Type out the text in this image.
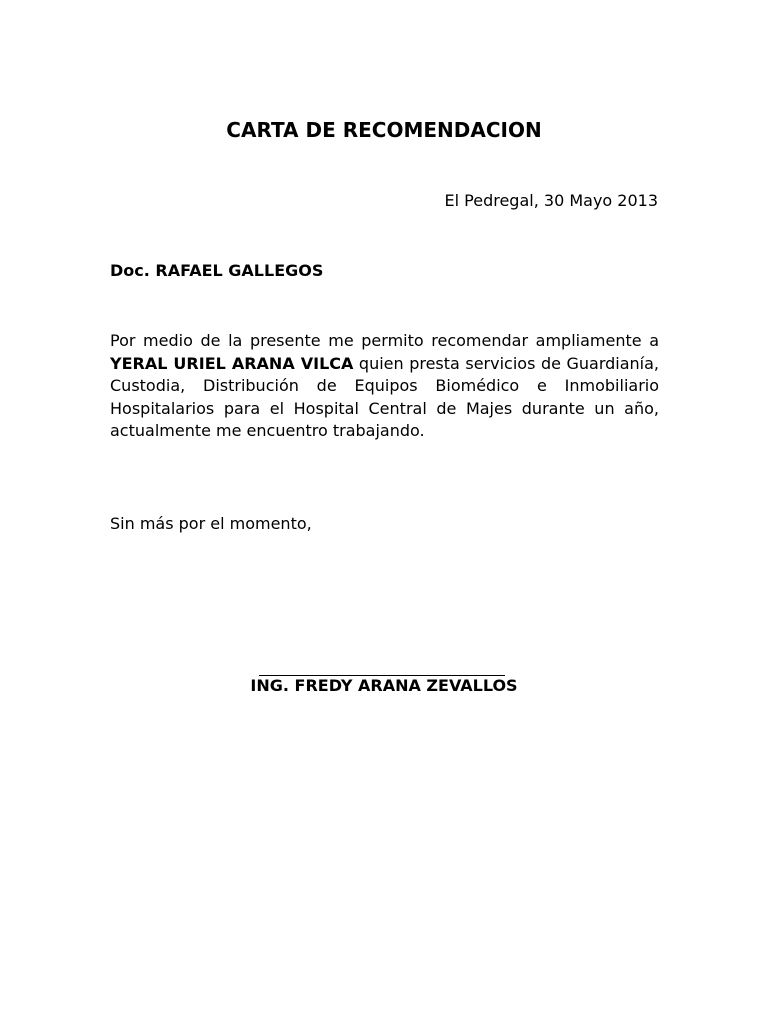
CARTA DE RECOMENDACION
El Pedregal, 30 Mayo 2013
Doc. RAFAEL GALLEGOS

Por medio de la presente me permito recomendar ampliamente a YERAL URIEL ARANA VILCA quien presta servicios de Guardianía, Custodia, Distribución de Equipos Biomédico e Inmobiliario Hospitalarios para el Hospital Central de Majes durante un año, actualmente me encuentro trabajando.

Sin más por el momento,
ING. FREDY ARANA ZEVALLOS
